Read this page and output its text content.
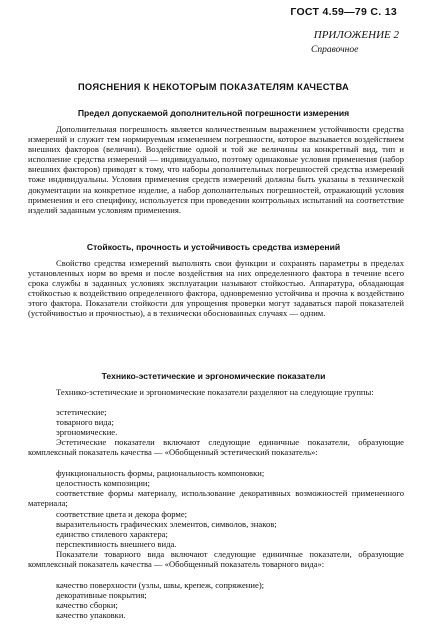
ГОСТ 4.59—79 С. 13
ПРИЛОЖЕНИЕ 2
Справочное
ПОЯСНЕНИЯ К НЕКОТОРЫМ ПОКАЗАТЕЛЯМ КАЧЕСТВА
Предел допускаемой дополнительной погрешности измерения

Дополнительная погрешность является количественным выражением устойчивости средства измерений и служит тем нормируемым изменением погрешности, которое вызывается воздействием внешних факторов (величин). Воздействие одной и той же величины на конкретный вид, тип и исполнение средства измерений — индивидуально, поэтому одинаковые условия применения (набор внешних факторов) приводят к тому, что наборы дополнительных погрешностей средства измерений тоже индивидуальны. Условия применения средств измерений должны быть указаны в технической документации на конкретное изделие, а набор дополнительных погрешностей, отражающий условия применения и его специфику, используется при проведении контрольных испытаний на соответствие изделий заданным условиям применения.

Стойкость, прочность и устойчивость средства измерений

Свойство средства измерений выполнять свои функции и сохранять параметры в пределах установленных норм во время и после воздействия на них определенного фактора в течение всего срока службы в заданных условиях эксплуатации называют стойкостью. Аппаратура, обладающая стойкостью к воздействию определенного фактора, одновременно устойчива и прочна к воздействию этого фактора. Показатели стойкости для упрощения проверки могут задаваться парой показателей (устойчивостью и прочностью), а в технически обоснованных случаях — одним.

Технико-эстетические и эргономические показатели

Технико-эстетические и эргономические показатели разделяют на следующие группы:

эстетические;
товарного вида;
эргономические.

Эстетические показатели включают следующие единичные показатели, образующие комплексный показатель качества — «Обобщенный эстетический показатель»:

функциональность формы, рациональность компоновки;
целостность композиции;

соответствие формы материалу, использование декоративных возможностей примененного материала;

соответствие цвета и декора форме;
выразительность графических элементов, символов, знаков;
единство стилевого характера;
перспективность внешнего вида.

Показатели товарного вида включают следующие единичные показатели, образующие комплексный показатель качества — «Обобщенный показатель товарного вида»:

качество поверхности (узлы, швы, крепеж, сопряжение);
декоративные покрытия;
качество сборки;
качество упаковки.
